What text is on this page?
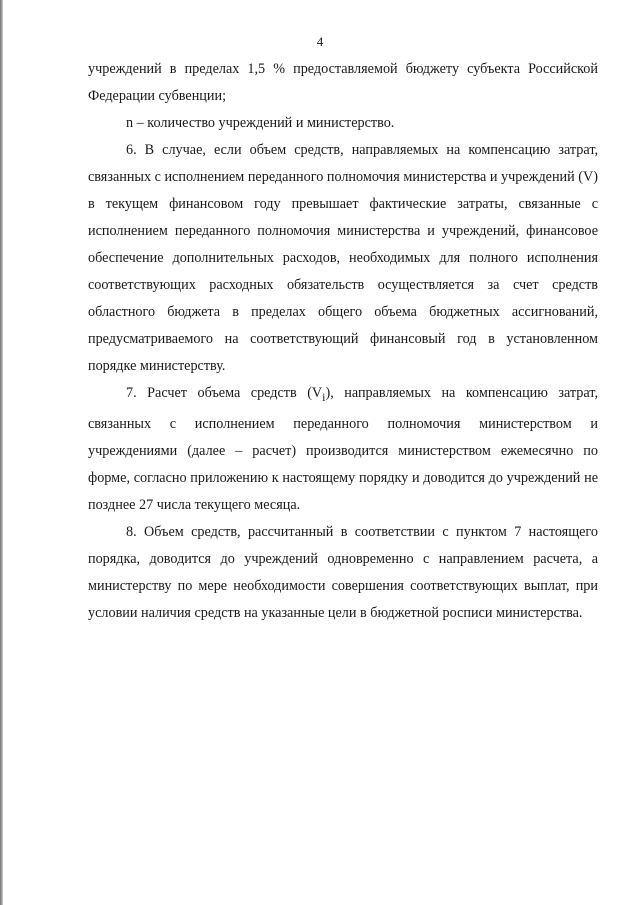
4

учреждений в пределах 1,5 % предоставляемой бюджету субъекта Российской Федерации субвенции;

n – количество учреждений и министерство.

6. В случае, если объем средств, направляемых на компенсацию затрат, связанных с исполнением переданного полномочия министерства и учреждений (V) в текущем финансовом году превышает фактические затраты, связанные с исполнением переданного полномочия министерства и учреждений, финансовое обеспечение дополнительных расходов, необходимых для полного исполнения соответствующих расходных обязательств осуществляется за счет средств областного бюджета в пределах общего объема бюджетных ассигнований, предусматриваемого на соответствующий финансовый год в установленном порядке министерству.

7. Расчет объема средств $(V_i)$, направляемых на компенсацию затрат, связанных с исполнением переданного полномочия министерством и учреждениями (далее – расчет) производится министерством ежемесячно по форме, согласно приложению к настоящему порядку и доводится до учреждений не позднее 27 числа текущего месяца.

8. Объем средств, рассчитанный в соответствии с пунктом 7 настоящего порядка, доводится до учреждений одновременно с направлением расчета, а министерству по мере необходимости совершения соответствующих выплат, при условии наличия средств на указанные цели в бюджетной росписи министерства.
